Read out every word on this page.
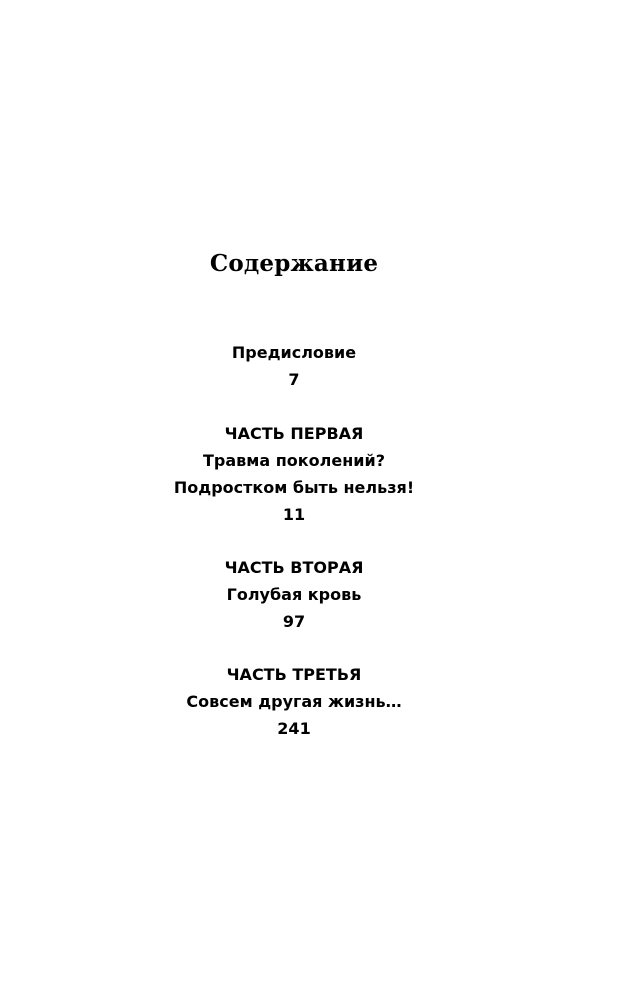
Содержание
Предисловие
7
ЧАСТЬ ПЕРВАЯ
Травма поколений?
Подростком быть нельзя!
11
ЧАСТЬ ВТОРАЯ
Голубая кровь
97
ЧАСТЬ ТРЕТЬЯ
Совсем другая жизнь…
241
